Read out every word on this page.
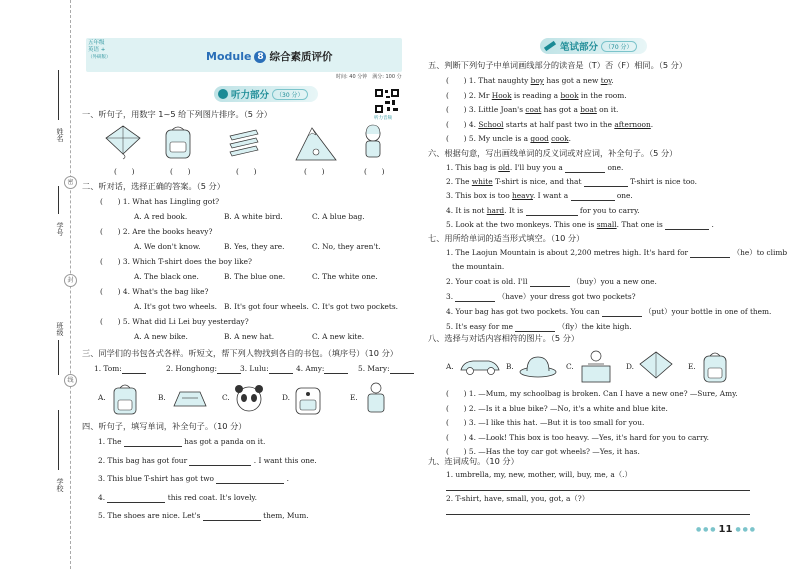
姓名
学号
班级
学校
密
封
线
五年级
英语 +
（外研版）	Module 8 综合素质评价
时间: 40 分钟　满分: 100 分
听力音频
听力部分	（30 分）
一、听句子，用数字 1~5 给下列图片排序。（5 分）
(　　)	(　　)	(　　)	(　　)	(　　)
二、听对话，选择正确的答案。（5 分）
(　　) 1. What has Lingling got?
A. A red book.	B. A white bird.	C. A blue bag.
(　　) 2. Are the books heavy?
A. We don't know.	B. Yes, they are.	C. No, they aren't.
(　　) 3. Which T-shirt does the boy like?
A. The black one.	B. The blue one.	C. The white one.
(　　) 4. What's the bag like?
A. It's got two wheels. B. It's got four wheels. C. It's got two pockets.
(　　) 5. What did Li Lei buy yesterday?
A. A new bike.	B. A new hat.	C. A new kite.
三、同学们的书包各式各样。听短文，帮下列人物找到各自的书包。（填序号）（10 分）
1. Tom:	2. Honghong:	3. Lulu:	4. Amy:	5. Mary:
A.	B.	C.	D.	E.
四、听句子，填写单词，补全句子。（10 分）
1. The	has got a panda on it.
2. This bag has got four	. I want this one.
3. This blue T-shirt has got two	.
4.	this red coat. It's lovely.
5. The shoes are nice. Let's	them, Mum.
笔试部分	（70 分）
五、判断下列句子中单词画线部分的读音是（T）否（F）相同。（5 分）
(　　) 1. That naughty boy has got a new toy.
(　　) 2. Mr Hook is reading a book in the room.
(　　) 3. Little Joan's coat has got a boat on it.
(　　) 4. School starts at half past two in the afternoon.
(　　) 5. My uncle is a good cook.
六、根据句意，写出画线单词的反义词或对应词，补全句子。（5 分）
1. This bag is old. I'll buy you a	one.
2. The white T-shirt is nice, and that	T-shirt is nice too.
3. This box is too heavy. I want a	one.
4. It is not hard. It is	for you to carry.
5. Look at the two monkeys. This one is small. That one is	.
七、用所给单词的适当形式填空。（10 分）
1. The Laojun Mountain is about 2,200 metres high. It's hard for	（he）to climb
the mountain.
2. Your coat is old. I'll	（buy）you a new one.
3.	（have）your dress got two pockets?
4. Your bag has got two pockets. You can	（put）your bottle in one of them.
5. It's easy for me	（fly）the kite high.
八、选择与对话内容相符的图片。（5 分）
A.	B.	C.	D.	E.
(　　) 1. —Mum, my schoolbag is broken. Can I have a new one? —Sure, Amy.
(　　) 2. —Is it a blue bike? —No, it's a white and blue kite.
(　　) 3. —I like this hat. —But it is too small for you.
(　　) 4. —Look! This box is too heavy. —Yes, it's hard for you to carry.
(　　) 5. —Has the toy car got wheels? —Yes, it has.
九、连词成句。（10 分）
1. umbrella, my, new, mother, will, buy, me, a（.）
2. T-shirt, have, small, you, got, a（?）
● ● ● 11 ● ● ●
